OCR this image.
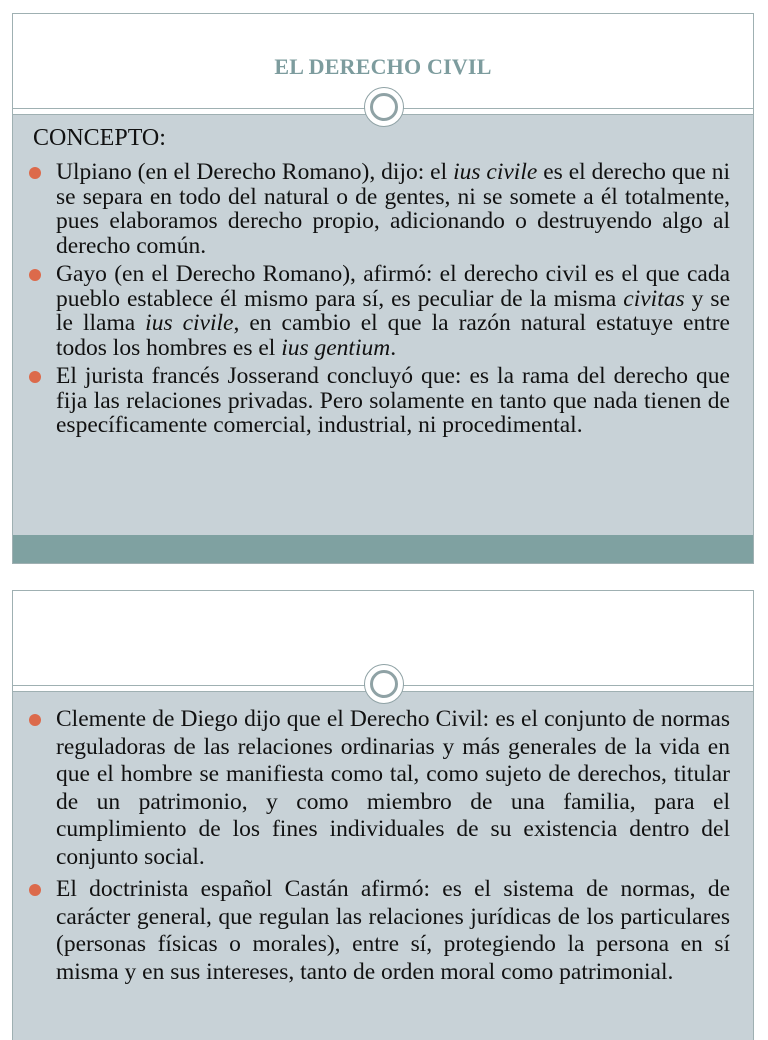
EL DERECHO CIVIL
CONCEPTO:
Ulpiano (en el Derecho Romano), dijo: el ius civile es el derecho que ni se separa en todo del natural o de gentes, ni se somete a él totalmente, pues elaboramos derecho propio, adicionando o destruyendo algo al derecho común.
Gayo (en el Derecho Romano), afirmó: el derecho civil es el que cada pueblo establece él mismo para sí, es peculiar de la misma civitas y se le llama ius civile, en cambio el que la razón natural estatuye entre todos los hombres es el ius gentium.
El jurista francés Josserand concluyó que: es la rama del derecho que fija las relaciones privadas. Pero solamente en tanto que nada tienen de específicamente comercial, industrial, ni procedimental.
Clemente de Diego dijo que el Derecho Civil: es el conjunto de normas reguladoras de las relaciones ordinarias y más generales de la vida en que el hombre se manifiesta como tal, como sujeto de derechos, titular de un patrimonio, y como miembro de una familia, para el cumplimiento de los fines individuales de su existencia dentro del conjunto social.
El doctrinista español Castán afirmó: es el sistema de normas, de carácter general, que regulan las relaciones jurídicas de los particulares (personas físicas o morales), entre sí, protegiendo la persona en sí misma y en sus intereses, tanto de orden moral como patrimonial.
